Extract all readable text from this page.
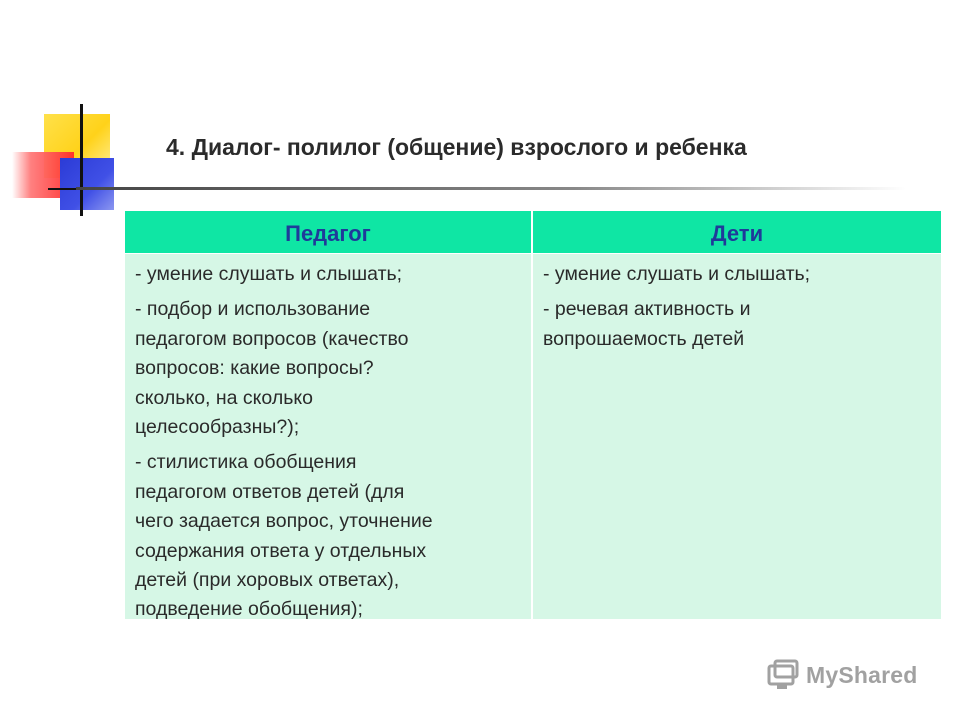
4. Диалог- полилог (общение) взрослого и ребенка
Педагог	Дети
- умение слушать и слышать;
- подбор и использование
педагогом вопросов (качество
вопросов: какие вопросы?
сколько, на сколько
целесообразны?);
- стилистика обобщения
педагогом ответов детей (для
чего задается вопрос, уточнение
содержания ответа у отдельных
детей (при хоровых ответах),
подведение обобщения);
- умение слушать и слышать;
- речевая активность и
вопрошаемость детей
MyShared
